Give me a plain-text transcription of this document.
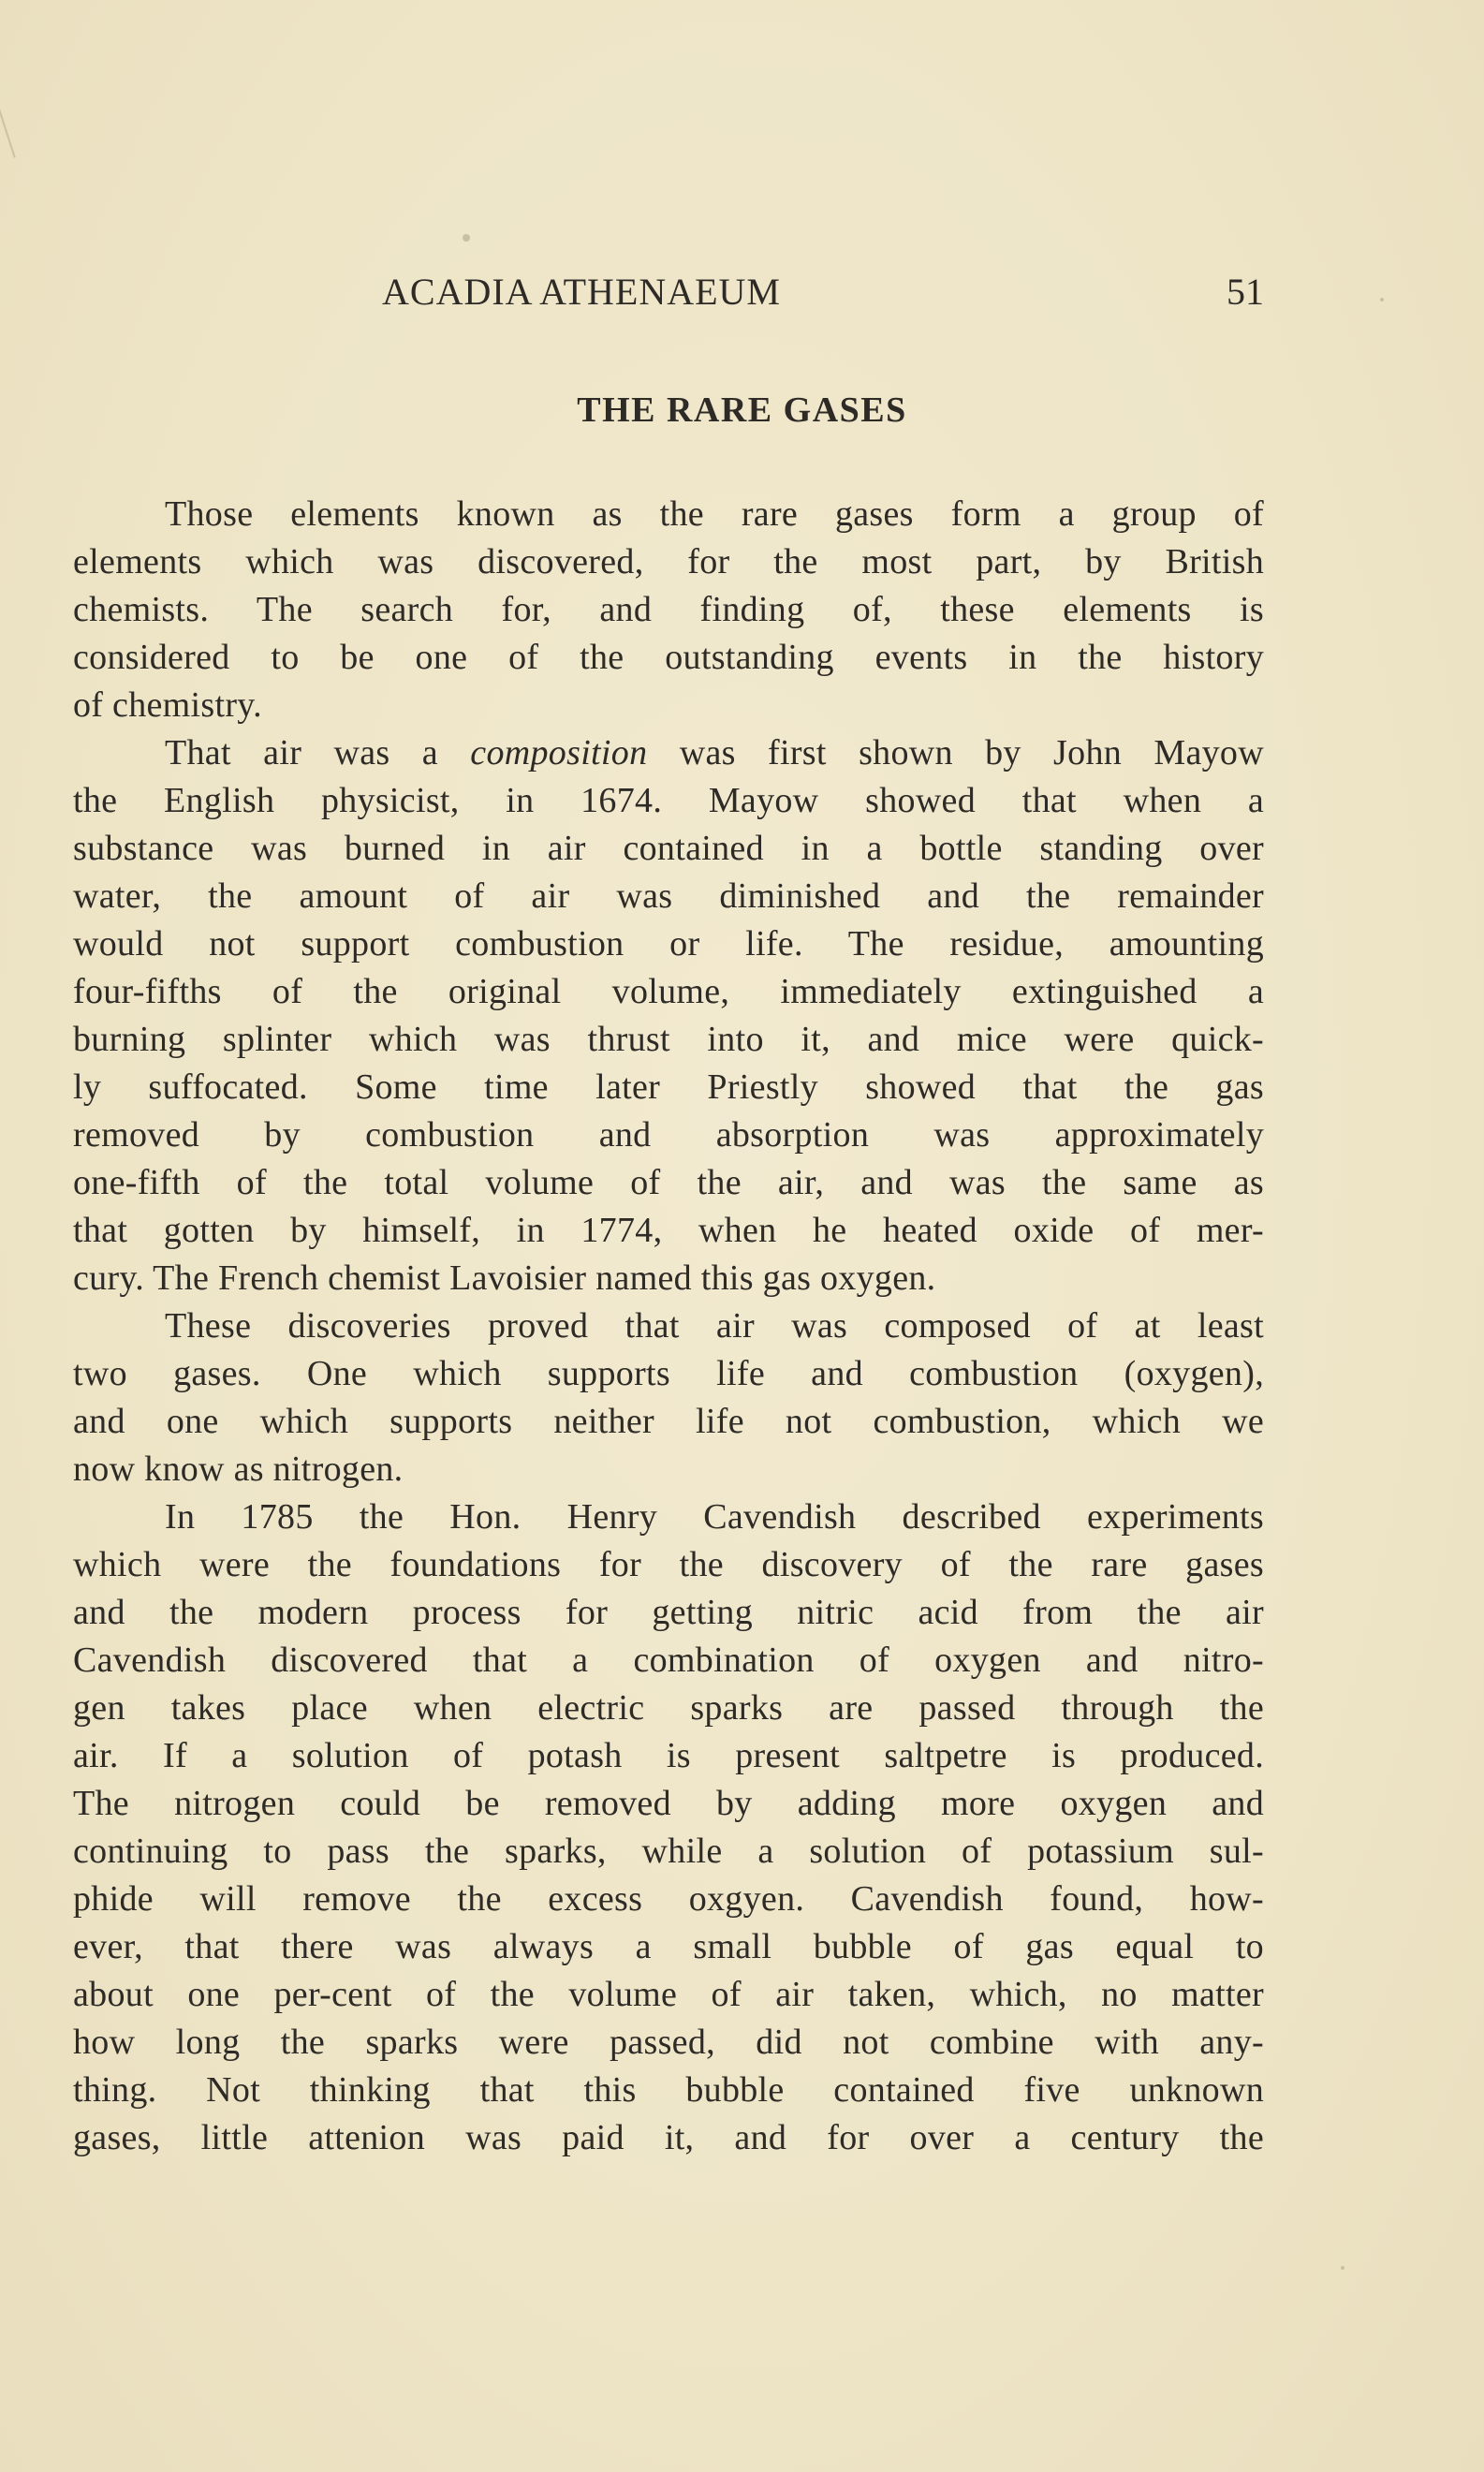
ACADIA ATHENAEUM	51
THE RARE GASES
Those elements known as the rare gases form a group of
elements which was discovered, for the most part, by British
chemists. The search for, and finding of, these elements is
considered to be one of the outstanding events in the history
of chemistry.
That air was a composition was first shown by John Mayow
the English physicist, in 1674. Mayow showed that when a
substance was burned in air contained in a bottle standing over
water, the amount of air was diminished and the remainder
would not support combustion or life. The residue, amounting
four-fifths of the original volume, immediately extinguished a
burning splinter which was thrust into it, and mice were quick-
ly suffocated. Some time later Priestly showed that the gas
removed by combustion and absorption was approximately
one-fifth of the total volume of the air, and was the same as
that gotten by himself, in 1774, when he heated oxide of mer-
cury. The French chemist Lavoisier named this gas oxygen.
These discoveries proved that air was composed of at least
two gases. One which supports life and combustion (oxygen),
and one which supports neither life not combustion, which we
now know as nitrogen.
In 1785 the Hon. Henry Cavendish described experiments
which were the foundations for the discovery of the rare gases
and the modern process for getting nitric acid from the air
Cavendish discovered that a combination of oxygen and nitro-
gen takes place when electric sparks are passed through the
air. If a solution of potash is present saltpetre is produced.
The nitrogen could be removed by adding more oxygen and
continuing to pass the sparks, while a solution of potassium sul-
phide will remove the excess oxgyen. Cavendish found, how-
ever, that there was always a small bubble of gas equal to
about one per-cent of the volume of air taken, which, no matter
how long the sparks were passed, did not combine with any-
thing. Not thinking that this bubble contained five unknown
gases, little attenion was paid it, and for over a century the
